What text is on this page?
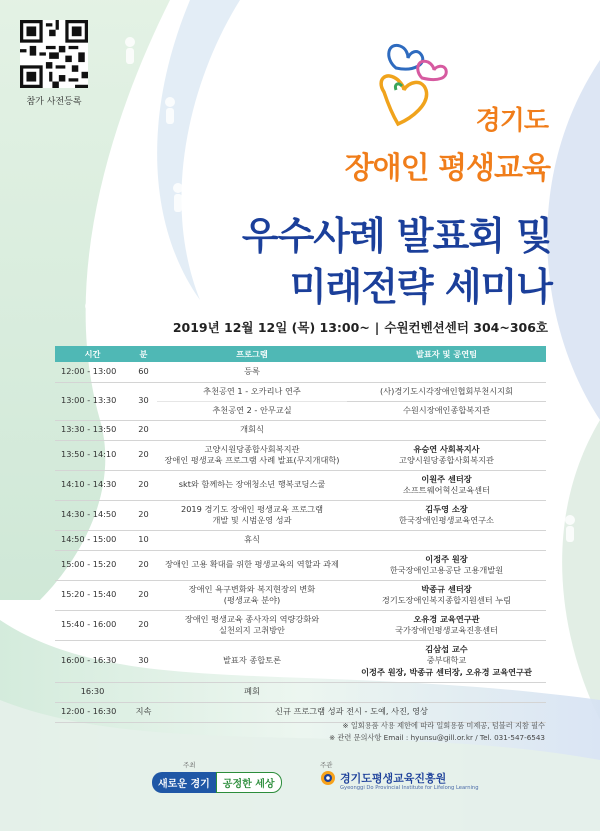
참가 사전등록
경기도
장애인 평생교육
우수사례 발표회 및
미래전략 세미나
2019년 12월 12일 (목) 13:00~ | 수원컨벤션센터 304~306호
시간	분	프로그램	발표자 및 공연팀
12:00 - 13:00	60	등록	
13:00 - 13:30	30	추천공연 1 - 오카리나 연주	(사)경기도시각장애인협회부천시지회

		추천공연 2 - 안무교실	수원시장애인종합복지관

13:30 - 13:50	20	개회식	
13:50 - 14:10	20	고양시원당종합사회복지관
장애인 평생교육 프로그램 사례 발표(무지개대학)	유승연 사회복지사
고양시원당종합사회복지관

14:10 - 14:30	20	skt와 함께하는 장애청소년 행복코딩스쿨	이원주 센터장
소프트웨어혁신교육센터

14:30 - 14:50	20	2019 경기도 장애인 평생교육 프로그램
개발 및 시범운영 성과	김두영 소장
한국장애인평생교육연구소

14:50 - 15:00	10	휴식	
15:00 - 15:20	20	장애인 고용 확대를 위한 평생교육의 역할과 과제	이정주 원장
한국장애인고용공단 고용개발원

15:20 - 15:40	20	장애인 욕구변화와 복지현장의 변화
(평생교육 분야)	박종규 센터장
경기도장애인복지종합지원센터 누림

15:40 - 16:00	20	장애인 평생교육 종사자의 역량강화와
실천의지 고취방안	오유경 교육연구관
국가장애인평생교육진흥센터

16:00 - 16:30	30	발표자 종합토론	김삼섭 교수
중부대학교
이정주 원장, 박종규 센터장, 오유경 교육연구관

16:30		폐회	
12:00 - 16:30	지속	신규 프로그램 성과 전시 - 도예, 사진, 영상	
※ 일회용품 사용 제한에 따라 일회용품 미제공, 텀블러 지참 필수
※ 관련 문의사항 Email : hyunsu@gill.or.kr / Tel. 031-547-6543
주최	주관
새로운 경기	공정한 세상	경기도평생교육진흥원
Gyeonggi Do Provincial Institute for Lifelong Learning
